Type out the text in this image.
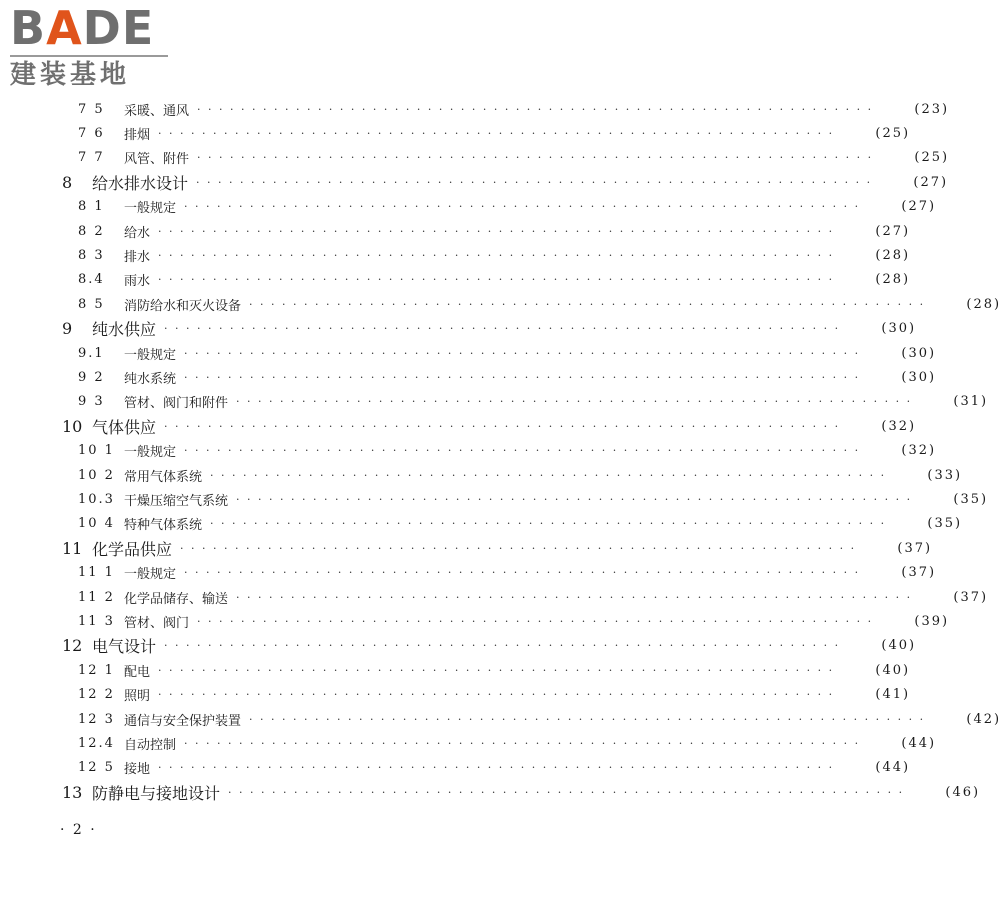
BADE
建装基地
7 5	采暖、通风 · · · · · · · · · · · · · · · · · · · · · · · · · · · · · · · · · · · · · · · · · · · · · · · · · · · · · · · · · · · · · ·	(23)
7 6	排烟 · · · · · · · · · · · · · · · · · · · · · · · · · · · · · · · · · · · · · · · · · · · · · · · · · · · · · · · · · · · · · ·	(25)
7 7	风管、附件 · · · · · · · · · · · · · · · · · · · · · · · · · · · · · · · · · · · · · · · · · · · · · · · · · · · · · · · · · · · · · ·	(25)
8	给水排水设计 · · · · · · · · · · · · · · · · · · · · · · · · · · · · · · · · · · · · · · · · · · · · · · · · · · · · · · · · · · · · · ·	(27)
8 1	一般规定 · · · · · · · · · · · · · · · · · · · · · · · · · · · · · · · · · · · · · · · · · · · · · · · · · · · · · · · · · · · · · ·	(27)
8 2	给水 · · · · · · · · · · · · · · · · · · · · · · · · · · · · · · · · · · · · · · · · · · · · · · · · · · · · · · · · · · · · · ·	(27)
8 3	排水 · · · · · · · · · · · · · · · · · · · · · · · · · · · · · · · · · · · · · · · · · · · · · · · · · · · · · · · · · · · · · ·	(28)
8.4	雨水 · · · · · · · · · · · · · · · · · · · · · · · · · · · · · · · · · · · · · · · · · · · · · · · · · · · · · · · · · · · · · ·	(28)
8 5	消防给水和灭火设备 · · · · · · · · · · · · · · · · · · · · · · · · · · · · · · · · · · · · · · · · · · · · · · · · · · · · · · · · · · · · · ·	(28)
9	纯水供应 · · · · · · · · · · · · · · · · · · · · · · · · · · · · · · · · · · · · · · · · · · · · · · · · · · · · · · · · · · · · · ·	(30)
9.1	一般规定 · · · · · · · · · · · · · · · · · · · · · · · · · · · · · · · · · · · · · · · · · · · · · · · · · · · · · · · · · · · · · ·	(30)
9 2	纯水系统 · · · · · · · · · · · · · · · · · · · · · · · · · · · · · · · · · · · · · · · · · · · · · · · · · · · · · · · · · · · · · ·	(30)
9 3	管材、阀门和附件 · · · · · · · · · · · · · · · · · · · · · · · · · · · · · · · · · · · · · · · · · · · · · · · · · · · · · · · · · · · · · ·	(31)
10 气体供应 · · · · · · · · · · · · · · · · · · · · · · · · · · · · · · · · · · · · · · · · · · · · · · · · · · · · · · · · · · · · · ·	(32)
10 1 一般规定 · · · · · · · · · · · · · · · · · · · · · · · · · · · · · · · · · · · · · · · · · · · · · · · · · · · · · · · · · · · · · ·	(32)
10 2 常用气体系统 · · · · · · · · · · · · · · · · · · · · · · · · · · · · · · · · · · · · · · · · · · · · · · · · · · · · · · · · · · · · · ·	(33)
10.3 干燥压缩空气系统 · · · · · · · · · · · · · · · · · · · · · · · · · · · · · · · · · · · · · · · · · · · · · · · · · · · · · · · · · · · · · ·	(35)
10 4 特种气体系统 · · · · · · · · · · · · · · · · · · · · · · · · · · · · · · · · · · · · · · · · · · · · · · · · · · · · · · · · · · · · · ·	(35)
11 化学品供应 · · · · · · · · · · · · · · · · · · · · · · · · · · · · · · · · · · · · · · · · · · · · · · · · · · · · · · · · · · · · · ·	(37)
11 1 一般规定 · · · · · · · · · · · · · · · · · · · · · · · · · · · · · · · · · · · · · · · · · · · · · · · · · · · · · · · · · · · · · ·	(37)
11 2 化学品储存、输送 · · · · · · · · · · · · · · · · · · · · · · · · · · · · · · · · · · · · · · · · · · · · · · · · · · · · · · · · · · · · · ·	(37)
11 3 管材、阀门 · · · · · · · · · · · · · · · · · · · · · · · · · · · · · · · · · · · · · · · · · · · · · · · · · · · · · · · · · · · · · ·	(39)
12 电气设计 · · · · · · · · · · · · · · · · · · · · · · · · · · · · · · · · · · · · · · · · · · · · · · · · · · · · · · · · · · · · · ·	(40)
12 1 配电 · · · · · · · · · · · · · · · · · · · · · · · · · · · · · · · · · · · · · · · · · · · · · · · · · · · · · · · · · · · · · ·	(40)
12 2 照明 · · · · · · · · · · · · · · · · · · · · · · · · · · · · · · · · · · · · · · · · · · · · · · · · · · · · · · · · · · · · · ·	(41)
12 3 通信与安全保护装置 · · · · · · · · · · · · · · · · · · · · · · · · · · · · · · · · · · · · · · · · · · · · · · · · · · · · · · · · · · · · · ·	(42)
12.4 自动控制 · · · · · · · · · · · · · · · · · · · · · · · · · · · · · · · · · · · · · · · · · · · · · · · · · · · · · · · · · · · · · ·	(44)
12 5 接地 · · · · · · · · · · · · · · · · · · · · · · · · · · · · · · · · · · · · · · · · · · · · · · · · · · · · · · · · · · · · · ·	(44)
13 防静电与接地设计 · · · · · · · · · · · · · · · · · · · · · · · · · · · · · · · · · · · · · · · · · · · · · · · · · · · · · · · · · · · · · ·	(46)
· 2 ·
